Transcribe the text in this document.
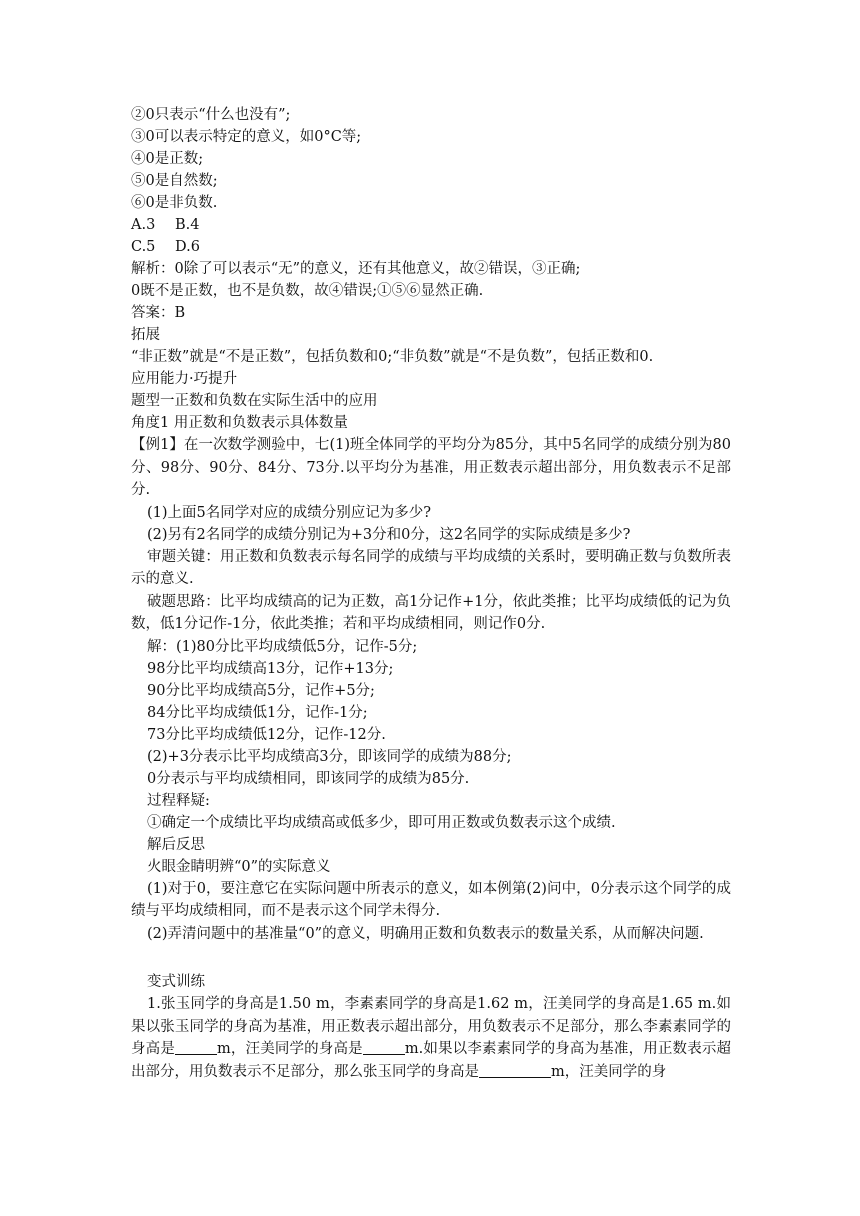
②0只表示“什么也没有”;
③0可以表示特定的意义，如0°C等;
④0是正数;
⑤0是自然数;
⑥0是非负数.
A.3 B.4
C.5 D.6
解析：0除了可以表示“无”的意义，还有其他意义，故②错误，③正确;
0既不是正数，也不是负数，故④错误;①⑤⑥显然正确.
答案：B
拓展
“非正数”就是“不是正数”，包括负数和0;“非负数”就是“不是负数”，包括正数和0.
应用能力·巧提升
题型一正数和负数在实际生活中的应用
角度1 用正数和负数表示具体数量
【例1】在一次数学测验中，七(1)班全体同学的平均分为85分，其中5名同学的成绩分别为80分、98分、90分、84分、73分.以平均分为基准，用正数表示超出部分，用负数表示不足部分.
(1)上面5名同学对应的成绩分别应记为多少?
(2)另有2名同学的成绩分别记为+3分和0分，这2名同学的实际成绩是多少?
审题关键：用正数和负数表示每名同学的成绩与平均成绩的关系时，要明确正数与负数所表示的意义.
破题思路：比平均成绩高的记为正数，高1分记作+1分，依此类推；比平均成绩低的记为负数，低1分记作-1分，依此类推；若和平均成绩相同，则记作0分.
解：(1)80分比平均成绩低5分，记作-5分;
98分比平均成绩高13分，记作+13分;
90分比平均成绩高5分，记作+5分;
84分比平均成绩低1分，记作-1分;
73分比平均成绩低12分，记作-12分.
(2)+3分表示比平均成绩高3分，即该同学的成绩为88分;
0分表示与平均成绩相同，即该同学的成绩为85分.
过程释疑:
①确定一个成绩比平均成绩高或低多少，即可用正数或负数表示这个成绩.
解后反思
火眼金睛明辨“0”的实际意义
(1)对于0，要注意它在实际问题中所表示的意义，如本例第(2)问中，0分表示这个同学的成绩与平均成绩相同，而不是表示这个同学未得分.
(2)弄清问题中的基准量“0”的意义，明确用正数和负数表示的数量关系，从而解决问题.
变式训练
1.张玉同学的身高是1.50 m，李素素同学的身高是1.62 m，汪美同学的身高是1.65 m.如果以张玉同学的身高为基准，用正数表示超出部分，用负数表示不足部分，那么李素素同学的身高是	m，汪美同学的身高是	m.如果以李素素同学的身高为基准，用正数表示超出部分，用负数表示不足部分，那么张玉同学的身高是	m，汪美同学的身
